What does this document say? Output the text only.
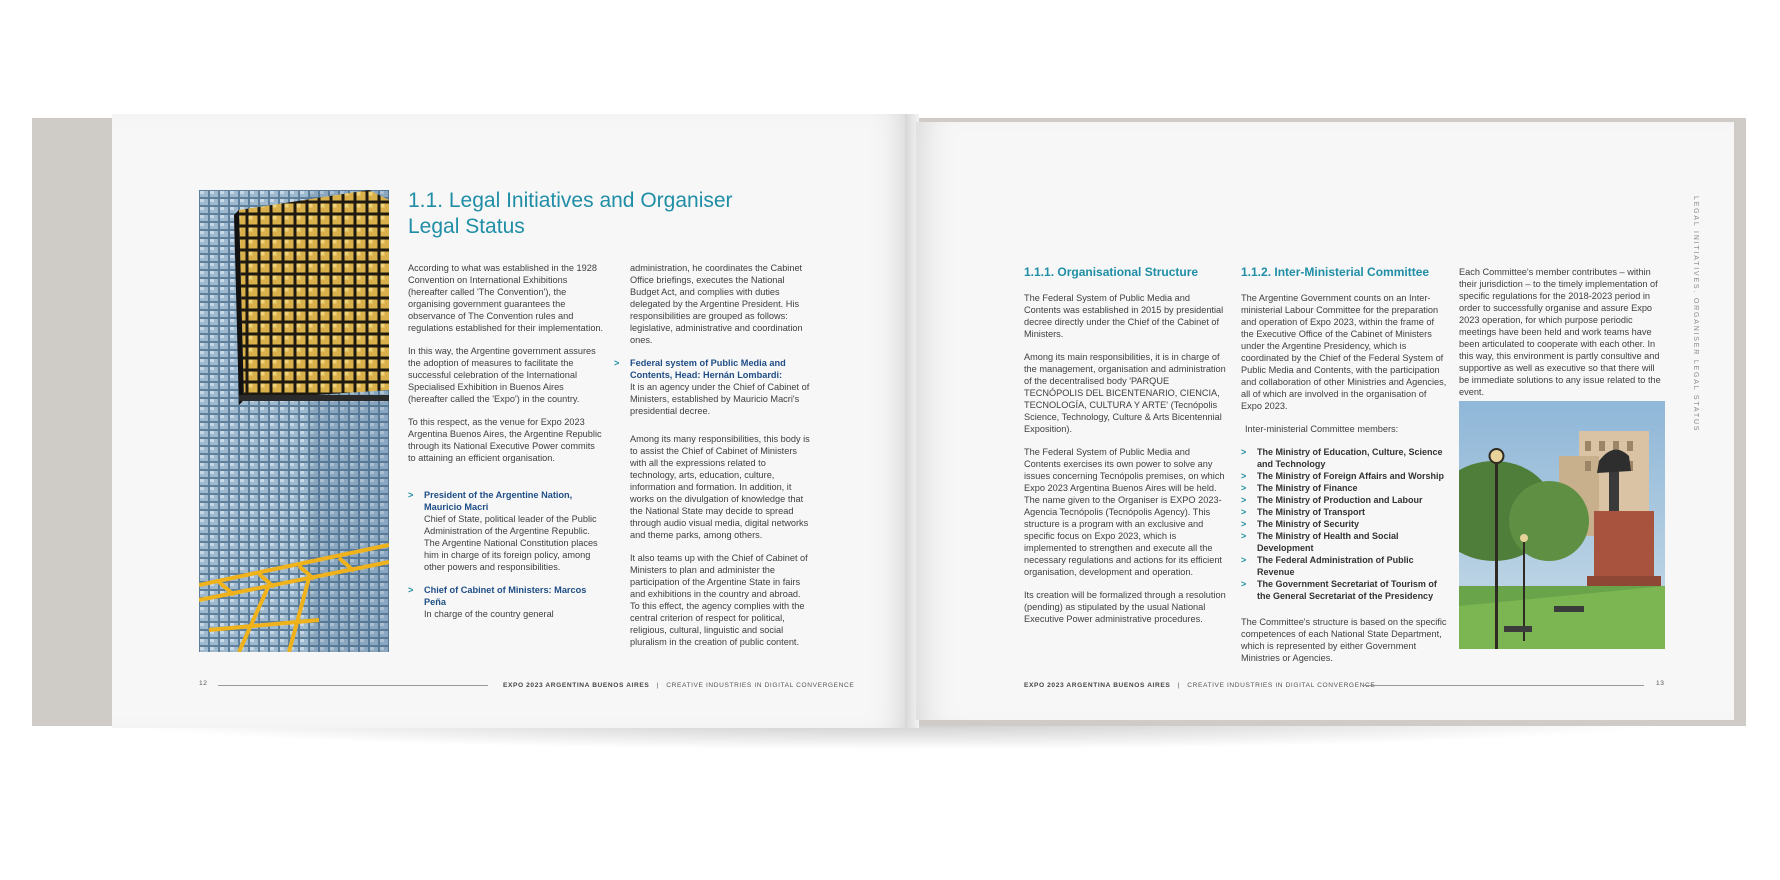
1.1. Legal Initiatives and Organiser
Legal Status

According to what was established in the 1928 Convention on International Exhibitions (hereafter called 'The Convention'), the organising government guarantees the observance of The Convention rules and regulations established for their implementation.

In this way, the Argentine government assures the adoption of measures to facilitate the successful celebration of the International Specialised Exhibition in Buenos Aires (hereafter called the 'Expo') in the country.

To this respect, as the venue for Expo 2023 Argentina Buenos Aires, the Argentine Republic through its National Executive Power commits to attaining an efficient organisation.

> President of the Argentine Nation, Mauricio Macri
Chief of State, political leader of the Public Administration of the Argentine Republic. The Argentine National Constitution places him in charge of its foreign policy, among other powers and responsibilities.
> Chief of Cabinet of Ministers: Marcos Peña
In charge of the country general

administration, he coordinates the Cabinet Office briefings, executes the National Budget Act, and complies with duties delegated by the Argentine President. His responsibilities are grouped as follows: legislative, administrative and coordination ones.

> Federal system of Public Media and Contents, Head: Hernán Lombardi:
It is an agency under the Chief of Cabinet of Ministers, established by Mauricio Macri's presidential decree.

Among its many responsibilities, this body is to assist the Chief of Cabinet of Ministers with all the expressions related to technology, arts, education, culture, information and formation. In addition, it works on the divulgation of knowledge that the National State may decide to spread through audio visual media, digital networks and theme parks, among others.

It also teams up with the Chief of Cabinet of Ministers to plan and administer the participation of the Argentine State in fairs and exhibitions in the country and abroad. To this effect, the agency complies with the central criterion of respect for political, religious, cultural, linguistic and social pluralism in the creation of public content.

12	EXPO 2023 ARGENTINA BUENOS AIRES | CREATIVE INDUSTRIES IN DIGITAL CONVERGENCE
1.1.1. Organisational Structure

The Federal System of Public Media and Contents was established in 2015 by presidential decree directly under the Chief of the Cabinet of Ministers.

Among its main responsibilities, it is in charge of the management, organisation and administration of the decentralised body 'PARQUE TECNÓPOLIS DEL BICENTENARIO, CIENCIA, TECNOLOGÍA, CULTURA Y ARTE' (Tecnópolis Science, Technology, Culture & Arts Bicentennial Exposition).

The Federal System of Public Media and Contents exercises its own power to solve any issues concerning Tecnópolis premises, on which Expo 2023 Argentina Buenos Aires will be held. The name given to the Organiser is EXPO 2023-Agencia Tecnópolis (Tecnópolis Agency). This structure is a program with an exclusive and specific focus on Expo 2023, which is implemented to strengthen and execute all the necessary regulations and actions for its efficient organisation, development and operation.

Its creation will be formalized through a resolution (pending) as stipulated by the usual National Executive Power administrative procedures.

1.1.2. Inter-Ministerial Committee

The Argentine Government counts on an Inter-ministerial Labour Committee for the preparation and operation of Expo 2023, within the frame of the Executive Office of the Cabinet of Ministers under the Argentine Presidency, which is coordinated by the Chief of the Federal System of Public Media and Contents, with the participation and collaboration of other Ministries and Agencies, all of which are involved in the organisation of Expo 2023.

Inter-ministerial Committee members:

> The Ministry of Education, Culture, Science and Technology
> The Ministry of Foreign Affairs and Worship
> The Ministry of Finance
> The Ministry of Production and Labour
> The Ministry of Transport
> The Ministry of Security
> The Ministry of Health and Social Development
> The Federal Administration of Public Revenue
> The Government Secretariat of Tourism of the General Secretariat of the Presidency

The Committee's structure is based on the specific competences of each National State Department, which is represented by either Government Ministries or Agencies.

Each Committee's member contributes – within their jurisdiction – to the timely implementation of specific regulations for the 2018-2023 period in order to successfully organise and assure Expo 2023 operation, for which purpose periodic meetings have been held and work teams have been articulated to cooperate with each other. In this way, this environment is partly consultive and supportive as well as executive so that there will be immediate solutions to any issue related to the event.	LEGAL INITIATIVES. ORGANISER LEGAL STATUS
EXPO 2023 ARGENTINA BUENOS AIRES | CREATIVE INDUSTRIES IN DIGITAL CONVERGENCE	13
